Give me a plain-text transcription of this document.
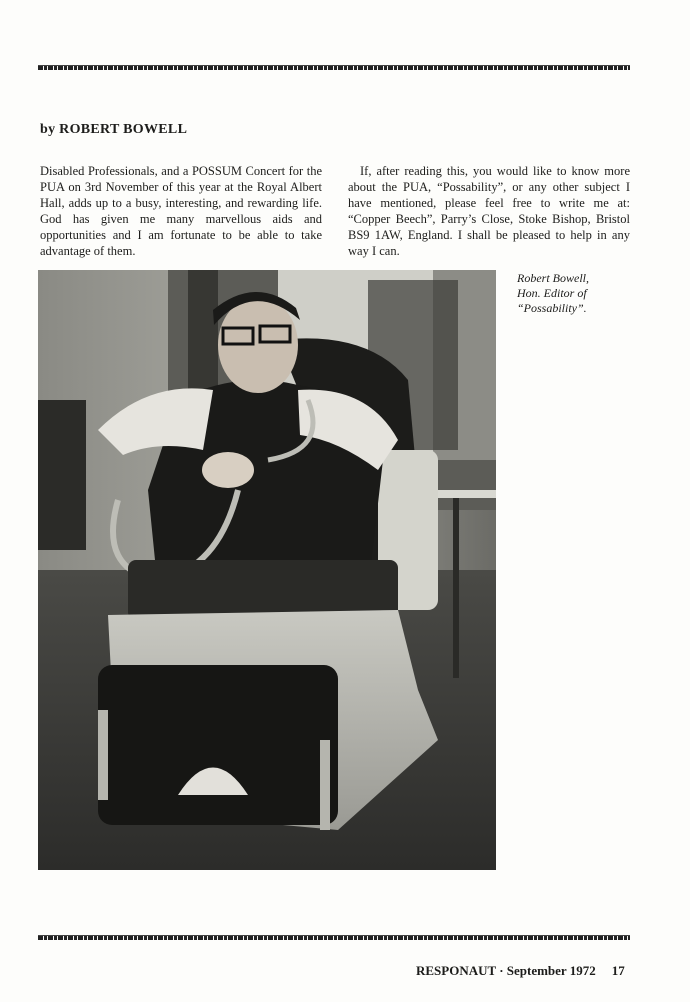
by ROBERT BOWELL
Disabled Professionals, and a POSSUM Concert for the PUA on 3rd November of this year at the Royal Albert Hall, adds up to a busy, interesting, and rewarding life. God has given me many marvellous aids and opportunities and I am fortunate to be able to take advantage of them.
If, after reading this, you would like to know more about the PUA, “Possability”, or any other subject I have mentioned, please feel free to write me at: “Copper Beech”, Parry’s Close, Stoke Bishop, Bristol BS9 1AW, England. I shall be pleased to help in any way I can.
Robert Bowell,
Hon. Editor of
“Possability”.
RESPONAUT · September 1972 17
